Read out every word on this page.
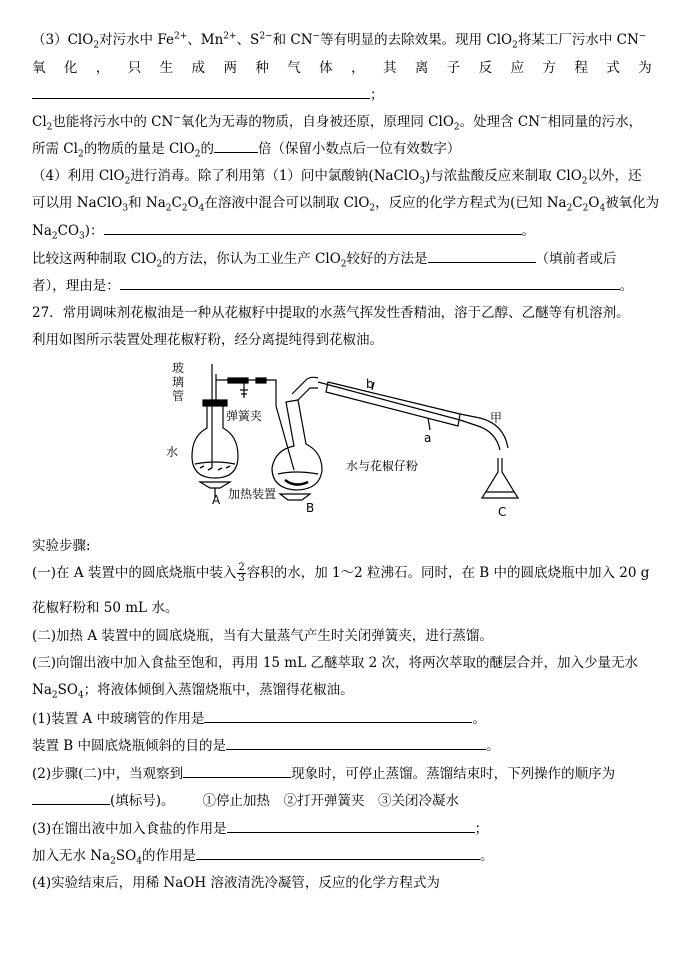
（3）ClO$_2$对污水中 $Fe^{2+}$、$Mn^{2+}$、$S^{2-}$和 CN−等有明显的去除效果。现用 ClO$_2$将某工厂污水中 CN−
氧 化 ， 只 生 成 两 种 气 体 ， 其 离 子 反 应 方 程 式 为
；
$Cl_2$也能将污水中的 CN−氧化为无毒的物质，自身被还原，原理同 ClO$_2$。处理含 CN−相同量的污水，
所需 $Cl_2$的物质的量是 ClO$_2$的	倍（保留小数点后一位有效数字）
（4）利用 ClO$_2$进行消毒。除了利用第（1）问中氯酸钠(NaClO$_3$)与浓盐酸反应来制取 ClO$_2$以外，还
可以用 NaClO$_3$和 $Na_2C_2O_4$在溶液中混合可以制取 ClO$_2$，反应的化学方程式为(已知 $Na_2C_2O_4$被氧化为
$Na_2CO_3$)：	。
比较这两种制取 ClO$_2$的方法，你认为工业生产 ClO$_2$较好的方法是	（填前者或后
者），理由是：	。
27．常用调味剂花椒油是一种从花椒籽中提取的水蒸气挥发性香精油，溶于乙醇、乙醚等有机溶剂。
利用如图所示装置处理花椒籽粉，经分离提纯得到花椒油。
玻
璃
管
弹簧夹
水
A 加热装置
B
水与花椒仔粉
b
a
甲
C
实验步骤:
(一)在 A 装置中的圆底烧瓶中装入 $\frac{2}{3}$ 容积的水，加 1～2 粒沸石。同时，在 B 中的圆底烧瓶中加入 20 g
花椒籽粉和 50 mL 水。
(二)加热 A 装置中的圆底烧瓶，当有大量蒸气产生时关闭弹簧夹，进行蒸馏。
(三)向馏出液中加入食盐至饱和，再用 15 mL 乙醚萃取 2 次，将两次萃取的醚层合并，加入少量无水
$Na_2SO_4$；将液体倾倒入蒸馏烧瓶中，蒸馏得花椒油。
(1)装置 A 中玻璃管的作用是	。
装置 B 中圆底烧瓶倾斜的目的是	。
(2)步骤(二)中，当观察到	现象时，可停止蒸馏。蒸馏结束时，下列操作的顺序为
(填标号)。 ①停止加热　②打开弹簧夹　③关闭冷凝水
(3)在馏出液中加入食盐的作用是	；
加入无水 $Na_2SO_4$的作用是	。
(4)实验结束后，用稀 NaOH 溶液清洗冷凝管，反应的化学方程式为
